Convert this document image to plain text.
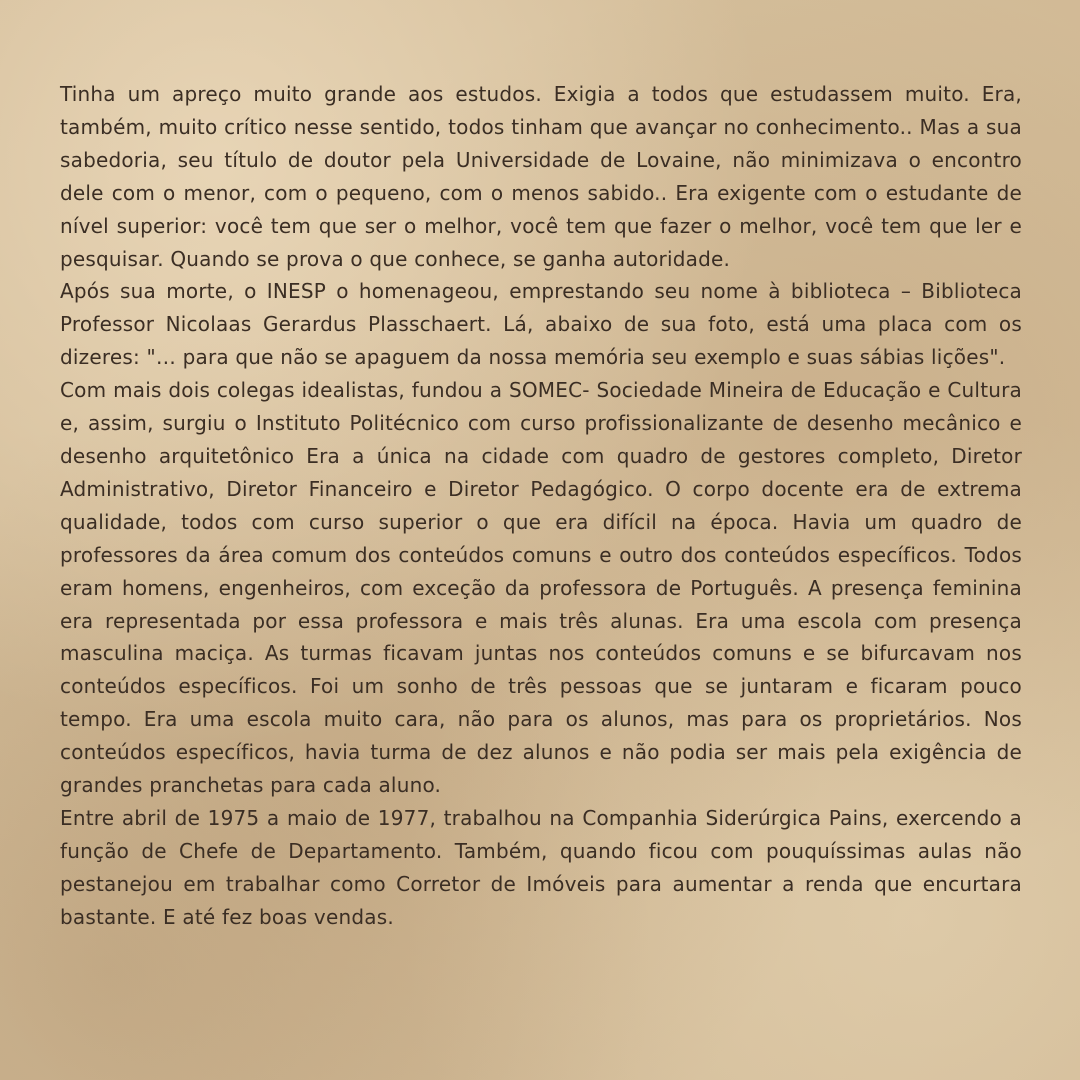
Tinha um apreço muito grande aos estudos. Exigia a todos que estudassem muito. Era, também, muito crítico nesse sentido, todos tinham que avançar no conhecimento.. Mas a sua sabedoria, seu título de doutor pela Universidade de Lovaine, não minimizava o encontro dele com o menor, com o pequeno, com o menos sabido.. Era exigente com o estudante de nível superior: você tem que ser o melhor, você tem que fazer o melhor, você tem que ler e pesquisar. Quando se prova o que conhece, se ganha autoridade.

Após sua morte, o INESP o homenageou, emprestando seu nome à biblioteca – Biblioteca Professor Nicolaas Gerardus Plasschaert. Lá, abaixo de sua foto, está uma placa com os dizeres: "… para que não se apaguem da nossa memória seu exemplo e suas sábias lições".

Com mais dois colegas idealistas, fundou a SOMEC- Sociedade Mineira de Educação e Cultura e, assim, surgiu o Instituto Politécnico com curso profissionalizante de desenho mecânico e desenho arquitetônico Era a única na cidade com quadro de gestores completo, Diretor Administrativo, Diretor Financeiro e Diretor Pedagógico. O corpo docente era de extrema qualidade, todos com curso superior o que era difícil na época. Havia um quadro de professores da área comum dos conteúdos comuns e outro dos conteúdos específicos. Todos eram homens, engenheiros, com exceção da professora de Português. A presença feminina era representada por essa professora e mais três alunas. Era uma escola com presença masculina maciça. As turmas ficavam juntas nos conteúdos comuns e se bifurcavam nos conteúdos específicos. Foi um sonho de três pessoas que se juntaram e ficaram pouco tempo. Era uma escola muito cara, não para os alunos, mas para os proprietários. Nos conteúdos específicos, havia turma de dez alunos e não podia ser mais pela exigência de grandes pranchetas para cada aluno.

Entre abril de 1975 a maio de 1977, trabalhou na Companhia Siderúrgica Pains, exercendo a função de Chefe de Departamento. Também, quando ficou com pouquíssimas aulas não pestanejou em trabalhar como Corretor de Imóveis para aumentar a renda que encurtara bastante. E até fez boas vendas.
